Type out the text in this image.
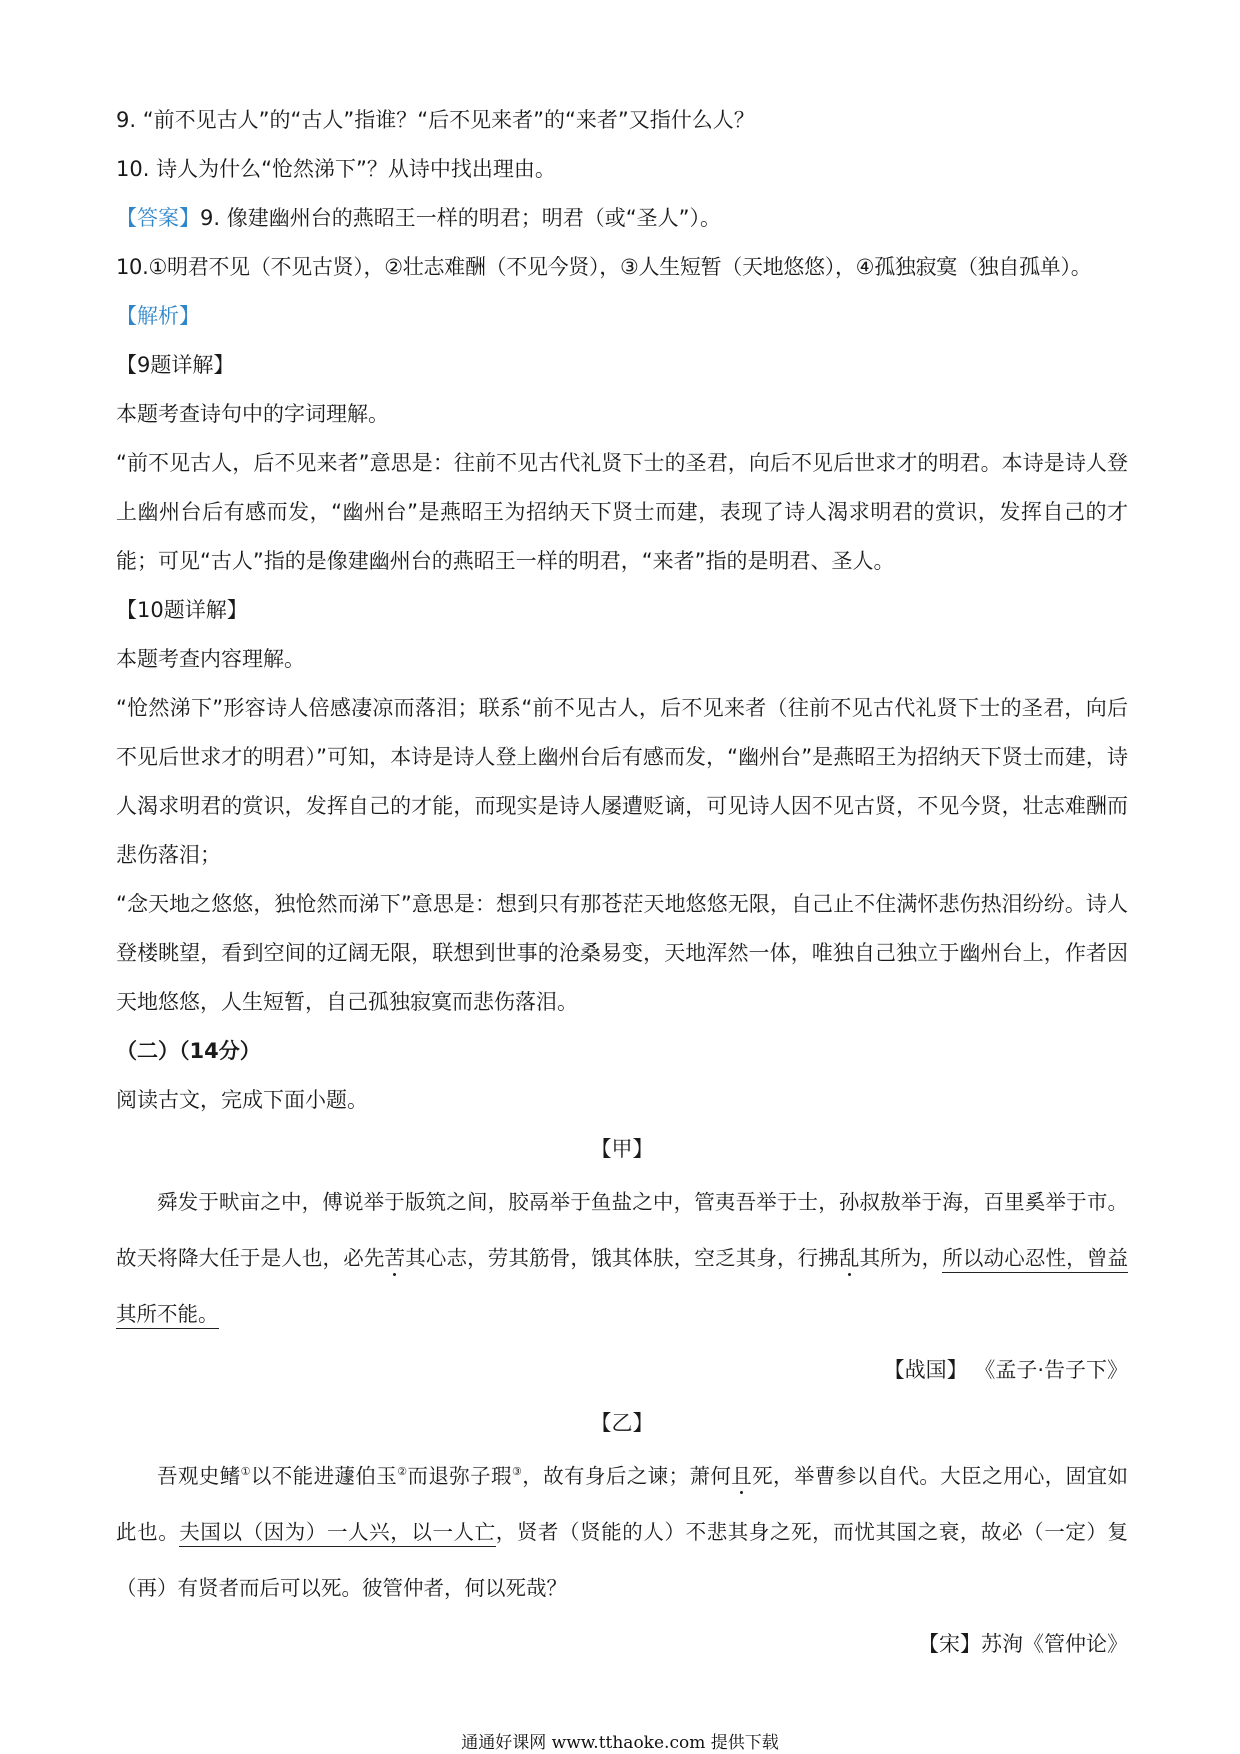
9. “前不见古人”的“古人”指谁？“后不见来者”的“来者”又指什么人？

10. 诗人为什么“怆然涕下”？从诗中找出理由。

【答案】9. 像建幽州台的燕昭王一样的明君；明君（或“圣人”）。

10.①明君不见（不见古贤），②壮志难酬（不见今贤），③人生短暂（天地悠悠），④孤独寂寞（独自孤单）。

【解析】

【9题详解】

本题考查诗句中的字词理解。

“前不见古人，后不见来者”意思是：往前不见古代礼贤下士的圣君，向后不见后世求才的明君。本诗是诗人登上幽州台后有感而发，“幽州台”是燕昭王为招纳天下贤士而建，表现了诗人渴求明君的赏识，发挥自己的才能；可见“古人”指的是像建幽州台的燕昭王一样的明君，“来者”指的是明君、圣人。

【10题详解】

本题考查内容理解。

“怆然涕下”形容诗人倍感凄凉而落泪；联系“前不见古人，后不见来者（往前不见古代礼贤下士的圣君，向后不见后世求才的明君）”可知，本诗是诗人登上幽州台后有感而发，“幽州台”是燕昭王为招纳天下贤士而建，诗人渴求明君的赏识，发挥自己的才能，而现实是诗人屡遭贬谪，可见诗人因不见古贤，不见今贤，壮志难酬而悲伤落泪；

“念天地之悠悠，独怆然而涕下”意思是：想到只有那苍茫天地悠悠无限，自己止不住满怀悲伤热泪纷纷。诗人登楼眺望，看到空间的辽阔无限，联想到世事的沧桑易变，天地浑然一体，唯独自己独立于幽州台上，作者因天地悠悠，人生短暂，自己孤独寂寞而悲伤落泪。

（二）（14分）

阅读古文，完成下面小题。

【甲】

舜发于畎亩之中，傅说举于版筑之间，胶鬲举于鱼盐之中，管夷吾举于士，孙叔敖举于海，百里奚举于市。故天将降大任于是人也，必先苦其心志，劳其筋骨，饿其体肤，空乏其身，行拂乱其所为，所以动心忍性，曾益其所不能。

【战国】 《孟子·告子下》

【乙】

吾观史鳍①以不能进蘧伯玉②而退弥子瑕③，故有身后之谏；萧何且死，举曹参以自代。大臣之用心，固宜如此也。夫国以（因为）一人兴，以一人亡，贤者（贤能的人）不悲其身之死，而忧其国之衰，故必（一定）复（再）有贤者而后可以死。彼管仲者，何以死哉？

【宋】苏洵《管仲论》

通通好课网 www.tthaoke.com 提供下载
